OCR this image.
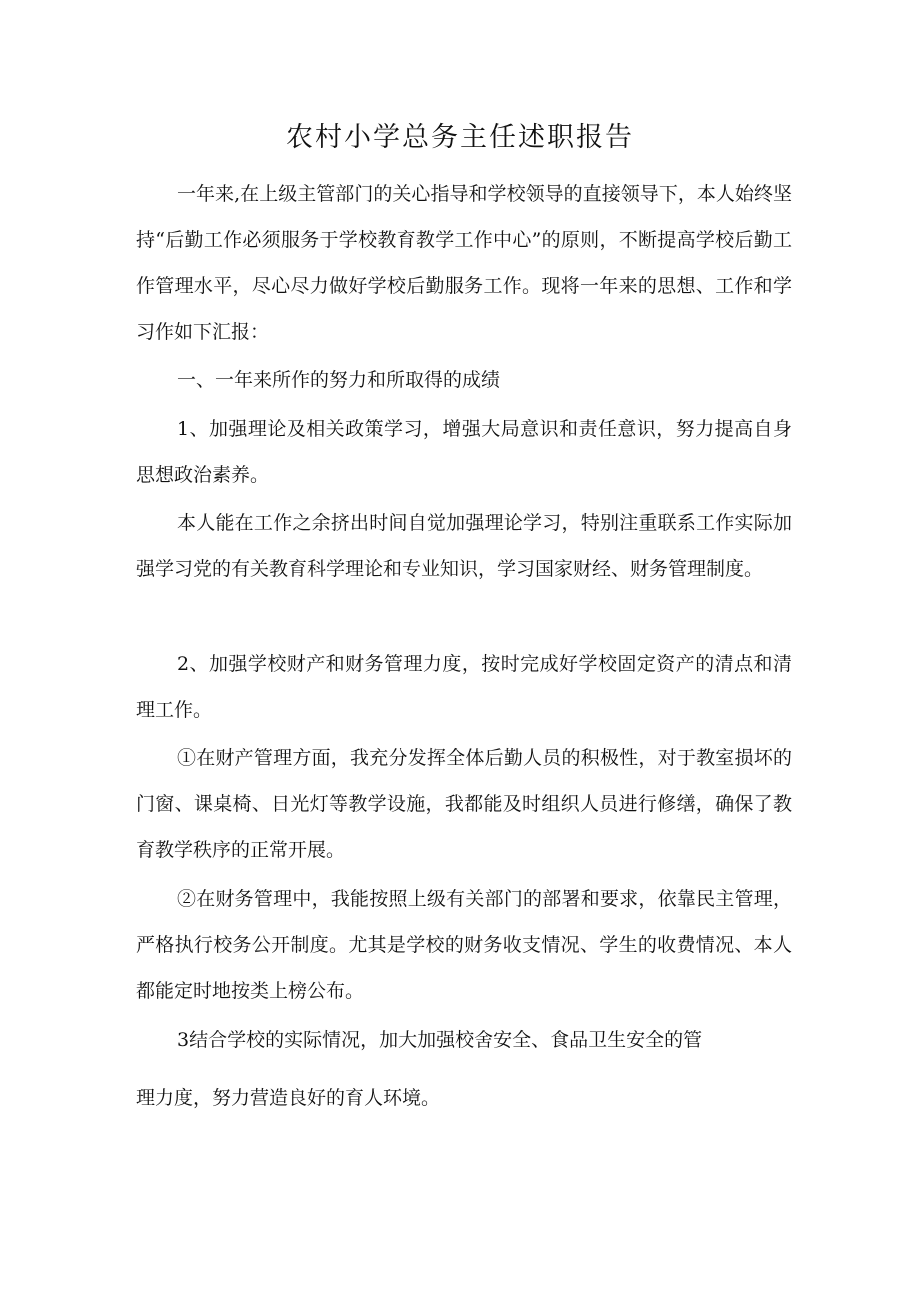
农村小学总务主任述职报告

一年来,在上级主管部门的关心指导和学校领导的直接领导下，本人始终坚持“后勤工作必须服务于学校教育教学工作中心”的原则，不断提高学校后勤工作管理水平，尽心尽力做好学校后勤服务工作。现将一年来的思想、工作和学习作如下汇报：

一、一年来所作的努力和所取得的成绩

1、加强理论及相关政策学习，增强大局意识和责任意识，努力提高自身思想政治素养。

本人能在工作之余挤出时间自觉加强理论学习，特别注重联系工作实际加强学习党的有关教育科学理论和专业知识，学习国家财经、财务管理制度。

2、加强学校财产和财务管理力度，按时完成好学校固定资产的清点和清理工作。

①在财产管理方面，我充分发挥全体后勤人员的积极性，对于教室损坏的门窗、课桌椅、日光灯等教学设施，我都能及时组织人员进行修缮，确保了教育教学秩序的正常开展。

②在财务管理中，我能按照上级有关部门的部署和要求，依靠民主管理，严格执行校务公开制度。尤其是学校的财务收支情况、学生的收费情况、本人都能定时地按类上榜公布。

3结合学校的实际情况，加大加强校舍安全、食品卫生安全的管

理力度，努力营造良好的育人环境。
